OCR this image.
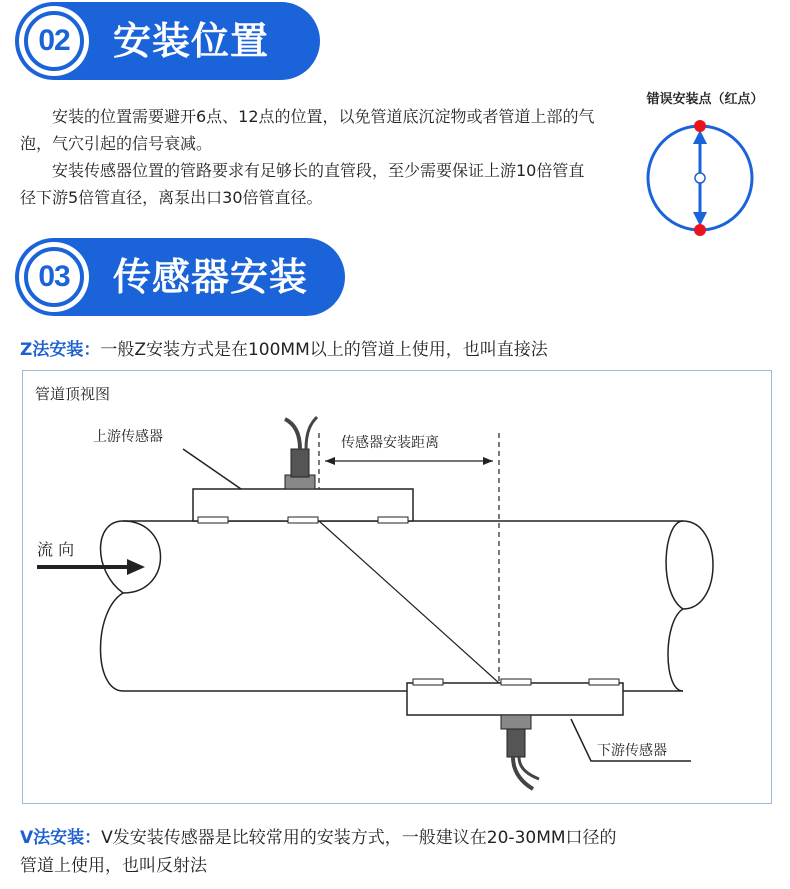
02	安装位置

安装的位置需要避开6点、12点的位置，以免管道底沉淀物或者管道上部的气泡，气穴引起的信号衰减。

安装传感器位置的管路要求有足够长的直管段，至少需要保证上游10倍管直径下游5倍管直径，离泵出口30倍管直径。

错误安装点（红点）
03	传感器安装
Z法安装：一般Z安装方式是在100MM以上的管道上使用，也叫直接法
管道顶视图
上游传感器	传感器安装距离
流 向
下游传感器
V法安装：V发安装传感器是比较常用的安装方式，一般建议在20-30MM口径的
管道上使用，也叫反射法
